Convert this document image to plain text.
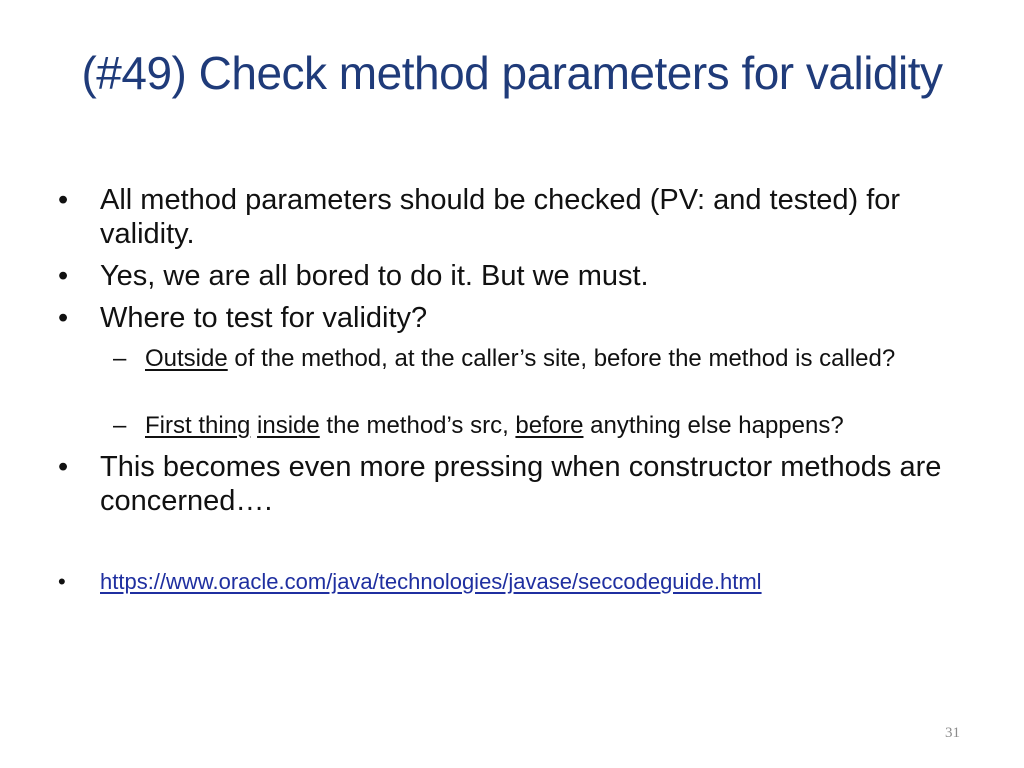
(#49) Check method parameters for validity
•	All method parameters should be checked (PV: and tested) for validity.
•	Yes, we are all bored to do it. But we must.
•	Where to test for validity?
– Outside of the method, at the caller’s site, before the method is called?
– First thing inside the method’s src, before anything else happens?
•	This becomes even more pressing when constructor methods are concerned….
•	https://www.oracle.com/java/technologies/javase/seccodeguide.html
31
